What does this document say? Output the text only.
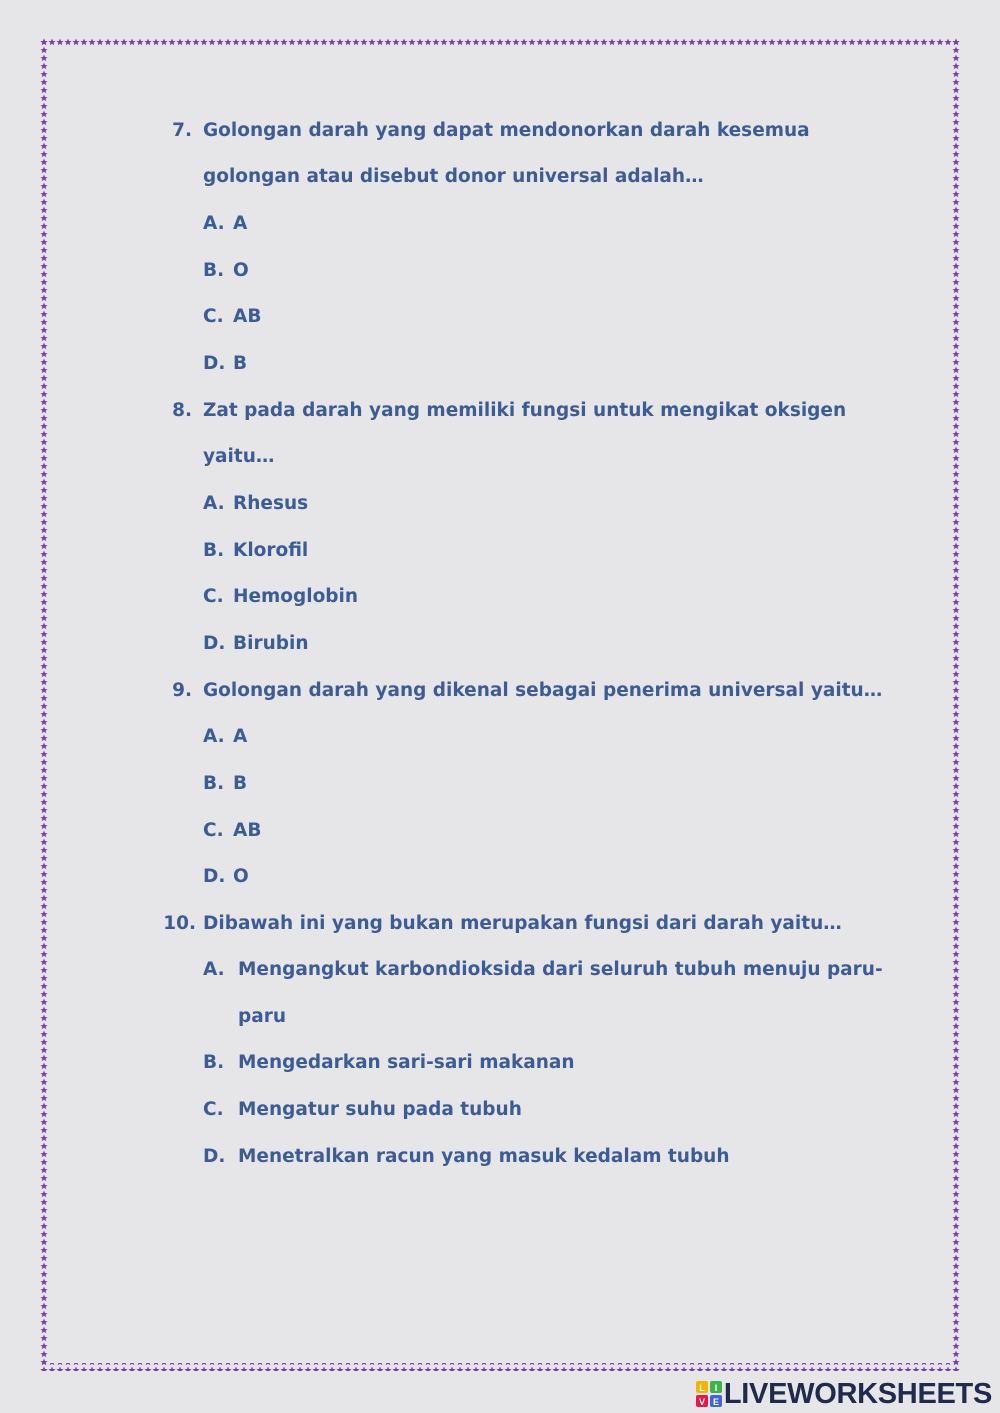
7. Golongan darah yang dapat mendonorkan darah kesemua
golongan atau disebut donor universal adalah…
A. A
B. O
C. AB
D. B
8. Zat pada darah yang memiliki fungsi untuk mengikat oksigen
yaitu…
A. Rhesus
B. Klorofil
C. Hemoglobin
D. Birubin
9. Golongan darah yang dikenal sebagai penerima universal yaitu…
A. A
B. B
C. AB
D. O
10. Dibawah ini yang bukan merupakan fungsi dari darah yaitu…
A. Mengangkut karbondioksida dari seluruh tubuh menuju paru-
paru
B. Mengedarkan sari-sari makanan
C. Mengatur suhu pada tubuh
D. Menetralkan racun yang masuk kedalam tubuh
L I
V E LIVEWORKSHEETS
